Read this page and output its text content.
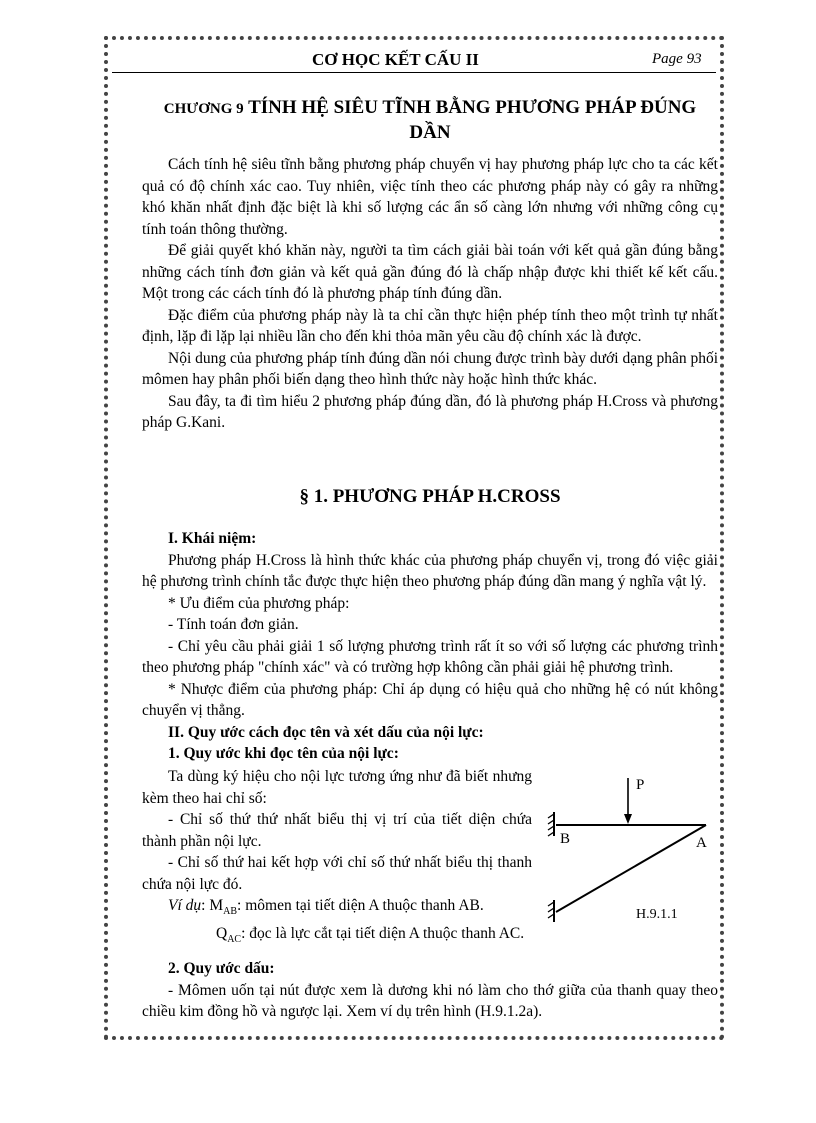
CƠ HỌC KẾT CẤU II	Page 93
CHƯƠNG 9 TÍNH HỆ SIÊU TĨNH BẰNG PHƯƠNG PHÁP ĐÚNG DẦN

Cách tính hệ siêu tĩnh bằng phương pháp chuyển vị hay phương pháp lực cho ta các kết quả có độ chính xác cao. Tuy nhiên, việc tính theo các phương pháp này có gây ra những khó khăn nhất định đặc biệt là khi số lượng các ẩn số càng lớn nhưng với những công cụ tính toán thông thường.

Để giải quyết khó khăn này, người ta tìm cách giải bài toán với kết quả gần đúng bằng những cách tính đơn giản và kết quả gần đúng đó là chấp nhập được khi thiết kế kết cấu. Một trong các cách tính đó là phương pháp tính đúng dần.

Đặc điểm của phương pháp này là ta chỉ cần thực hiện phép tính theo một trình tự nhất định, lặp đi lặp lại nhiều lần cho đến khi thỏa mãn yêu cầu độ chính xác là được.

Nội dung của phương pháp tính đúng dần nói chung được trình bày dưới dạng phân phối mômen hay phân phối biến dạng theo hình thức này hoặc hình thức khác.

Sau đây, ta đi tìm hiểu 2 phương pháp đúng dần, đó là phương pháp H.Cross và phương pháp G.Kani.

§ 1. PHƯƠNG PHÁP H.CROSS

I. Khái niệm:

Phương pháp H.Cross là hình thức khác của phương pháp chuyển vị, trong đó việc giải hệ phương trình chính tắc được thực hiện theo phương pháp đúng dần mang ý nghĩa vật lý.

* Ưu điểm của phương pháp:

- Tính toán đơn giản.

- Chỉ yêu cầu phải giải 1 số lượng phương trình rất ít so với số lượng các phương trình theo phương pháp "chính xác" và có trường hợp không cần phải giải hệ phương trình.

* Nhược điểm của phương pháp: Chỉ áp dụng có hiệu quả cho những hệ có nút không chuyển vị thẳng.

II. Quy ước cách đọc tên và xét dấu của nội lực:

1. Quy ước khi đọc tên của nội lực:

Ta dùng ký hiệu cho nội lực tương ứng như đã biết nhưng kèm theo hai chỉ số:

- Chỉ số thứ thứ nhất biểu thị vị trí của tiết diện chứa thành phần nội lực.

- Chỉ số thứ hai kết hợp với chỉ số thứ nhất biểu thị thanh chứa nội lực đó.

Ví dụ: $M_{AB}$: mômen tại tiết diện A thuộc thanh AB.

$Q_{AC}$: đọc là lực cắt tại tiết diện A thuộc thanh AC.

2. Quy ước dấu:

- Mômen uốn tại nút được xem là dương khi nó làm cho thớ giữa của thanh quay theo chiều kim đồng hồ và ngược lại. Xem ví dụ trên hình (H.9.1.2a).

P
B	A
H.9.1.1
